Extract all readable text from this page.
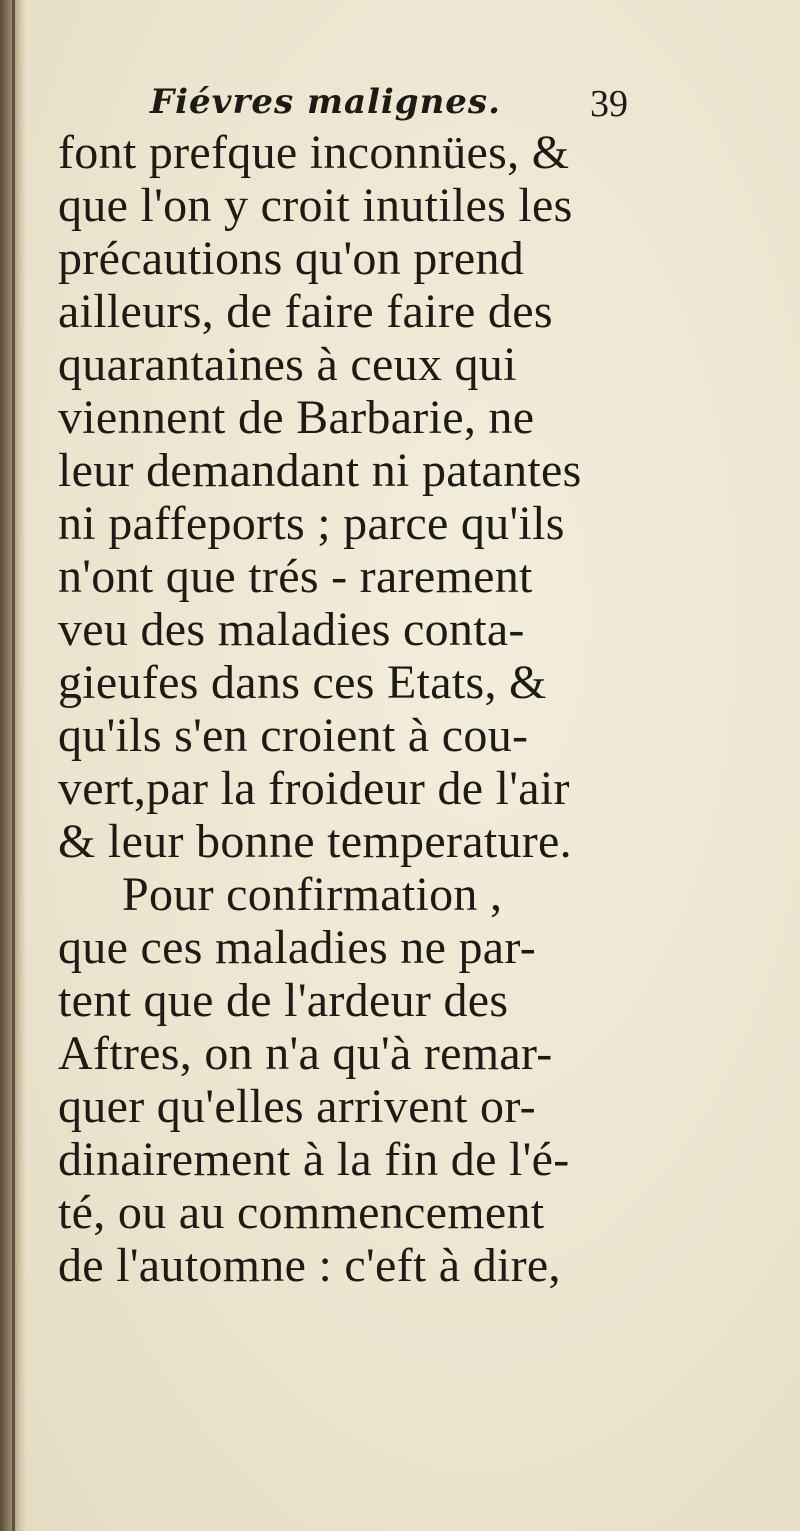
Fiévres malignes. 39
font prefque inconnües, &
que l'on y croit inutiles les
précautions qu'on prend
ailleurs, de faire faire des
quarantaines à ceux qui
viennent de Barbarie, ne
leur demandant ni patantes
ni paffeports ; parce qu'ils
n'ont que trés - rarement
veu des maladies conta-
gieufes dans ces Etats, &
qu'ils s'en croient à cou-
vert,par la froideur de l'air
& leur bonne temperature.
Pour confirmation ,
que ces maladies ne par-
tent que de l'ardeur des
Aftres, on n'a qu'à remar-
quer qu'elles arrivent or-
dinairement à la fin de l'é-
té, ou au commencement
de l'automne : c'eft à dire,
